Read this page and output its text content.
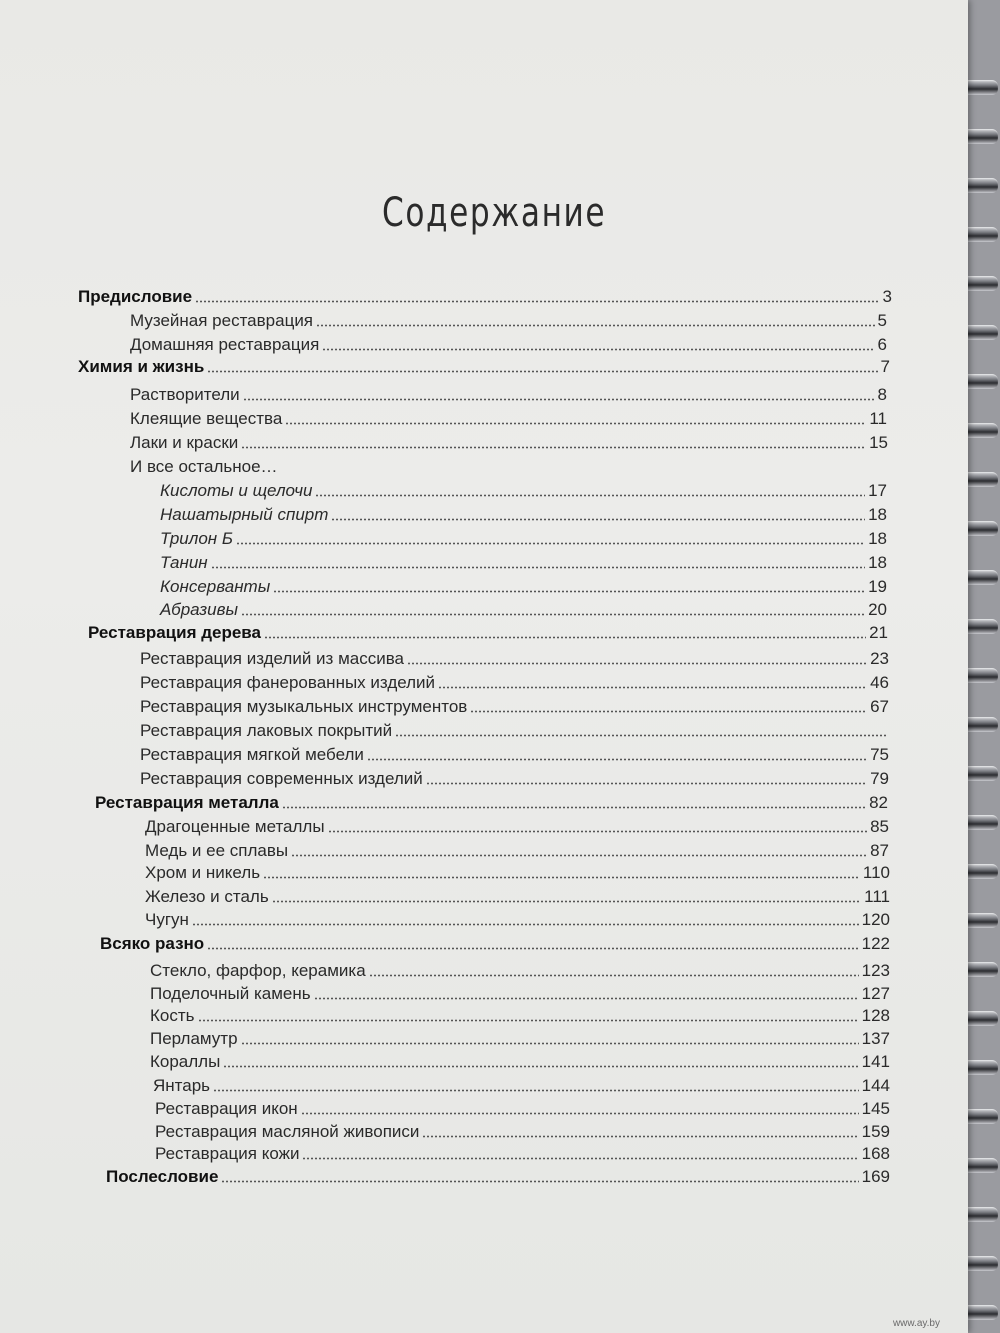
Содержание
Предисловие	3
Музейная реставрация	5
Домашняя реставрация	6
Химия и жизнь	7
Растворители	8
Клеящие вещества	11
Лаки и краски	15
И все остальное…
Кислоты и щелочи	17
Нашатырный спирт	18
Трилон Б	18
Танин	18
Консерванты	19
Абразивы	20
Реставрация дерева	21
Реставрация изделий из массива	23
Реставрация фанерованных изделий	46
Реставрация музыкальных инструментов	67
Реставрация лаковых покрытий
Реставрация мягкой мебели	75
Реставрация современных изделий	79
Реставрация металла	82
Драгоценные металлы	85
Медь и ее сплавы	87
Хром и никель	110
Железо и сталь	111
Чугун	120
Всяко разно	122
Стекло, фарфор, керамика	123
Поделочный камень	127
Кость	128
Перламутр	137
Кораллы	141
Янтарь	144
Реставрация икон	145
Реставрация масляной живописи	159
Реставрация кожи	168
Послесловие	169
www.ay.by
